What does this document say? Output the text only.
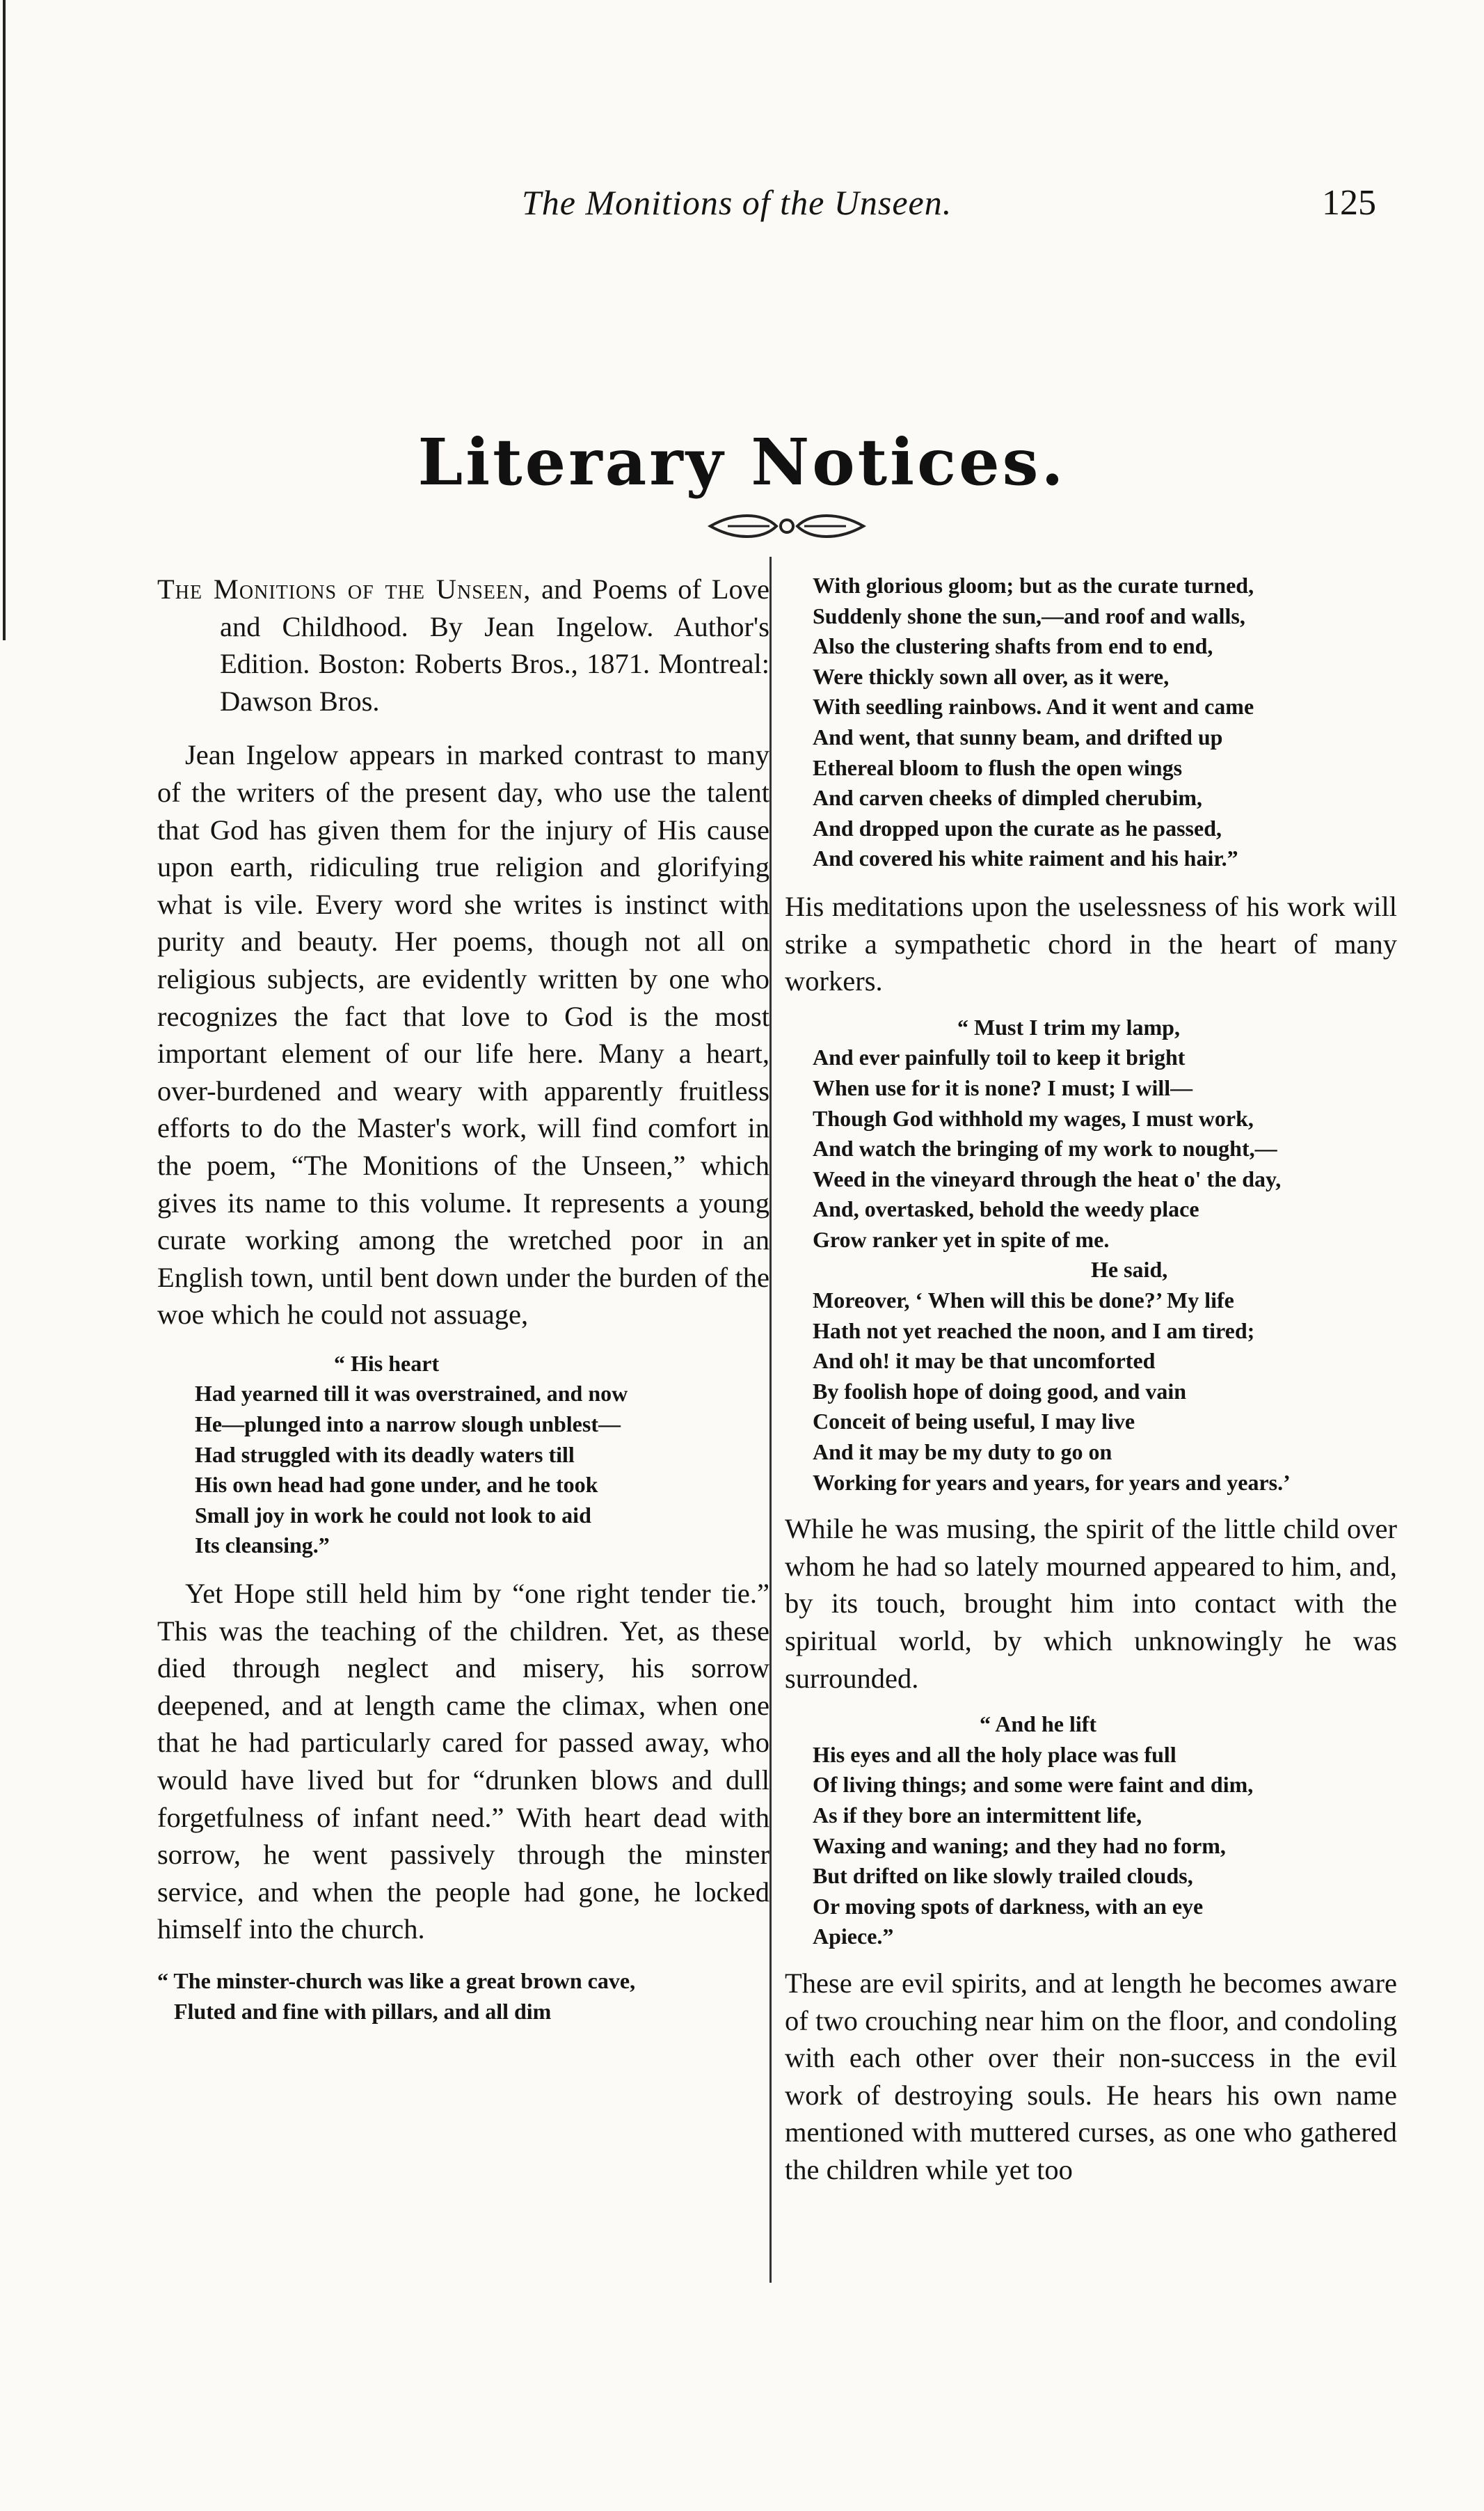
The Monitions of the Unseen.	125
Literary Notices.

The Monitions of the Unseen, and Poems of Love and Childhood. By Jean Ingelow. Author's Edition. Boston: Roberts Bros., 1871. Montreal: Dawson Bros.

Jean Ingelow appears in marked contrast to many of the writers of the present day, who use the talent that God has given them for the injury of His cause upon earth, ridiculing true religion and glorifying what is vile. Every word she writes is instinct with purity and beauty. Her poems, though not all on religious subjects, are evidently written by one who recognizes the fact that love to God is the most important element of our life here. Many a heart, over-burdened and weary with apparently fruitless efforts to do the Master's work, will find comfort in the poem, “The Monitions of the Unseen,” which gives its name to this volume. It represents a young curate working among the wretched poor in an English town, until bent down under the burden of the woe which he could not assuage,

“ His heart
Had yearned till it was overstrained, and now
He—plunged into a narrow slough unblest—
Had struggled with its deadly waters till
His own head had gone under, and he took
Small joy in work he could not look to aid
Its cleansing.”

Yet Hope still held him by “one right tender tie.” This was the teaching of the children. Yet, as these died through neglect and misery, his sorrow deepened, and at length came the climax, when one that he had particularly cared for passed away, who would have lived but for “drunken blows and dull forgetfulness of infant need.” With heart dead with sorrow, he went passively through the minster service, and when the people had gone, he locked himself into the church.

“ The minster-church was like a great brown cave,
Fluted and fine with pillars, and all dim
With glorious gloom; but as the curate turned,
Suddenly shone the sun,—and roof and walls,
Also the clustering shafts from end to end,
Were thickly sown all over, as it were,
With seedling rainbows. And it went and came
And went, that sunny beam, and drifted up
Ethereal bloom to flush the open wings
And carven cheeks of dimpled cherubim,
And dropped upon the curate as he passed,
And covered his white raiment and his hair.”

His meditations upon the uselessness of his work will strike a sympathetic chord in the heart of many workers.

“ Must I trim my lamp,
And ever painfully toil to keep it bright
When use for it is none? I must; I will—
Though God withhold my wages, I must work,
And watch the bringing of my work to nought,—
Weed in the vineyard through the heat o' the day,
And, overtasked, behold the weedy place
Grow ranker yet in spite of me.
He said,
Moreover, ‘ When will this be done?’ My life
Hath not yet reached the noon, and I am tired;
And oh! it may be that uncomforted
By foolish hope of doing good, and vain
Conceit of being useful, I may live
And it may be my duty to go on
Working for years and years, for years and years.’

While he was musing, the spirit of the little child over whom he had so lately mourned appeared to him, and, by its touch, brought him into contact with the spiritual world, by which unknowingly he was surrounded.

“ And he lift
His eyes and all the holy place was full
Of living things; and some were faint and dim,
As if they bore an intermittent life,
Waxing and waning; and they had no form,
But drifted on like slowly trailed clouds,
Or moving spots of darkness, with an eye
Apiece.”

These are evil spirits, and at length he becomes aware of two crouching near him on the floor, and condoling with each other over their non-success in the evil work of destroying souls. He hears his own name mentioned with muttered curses, as one who gathered the children while yet too
